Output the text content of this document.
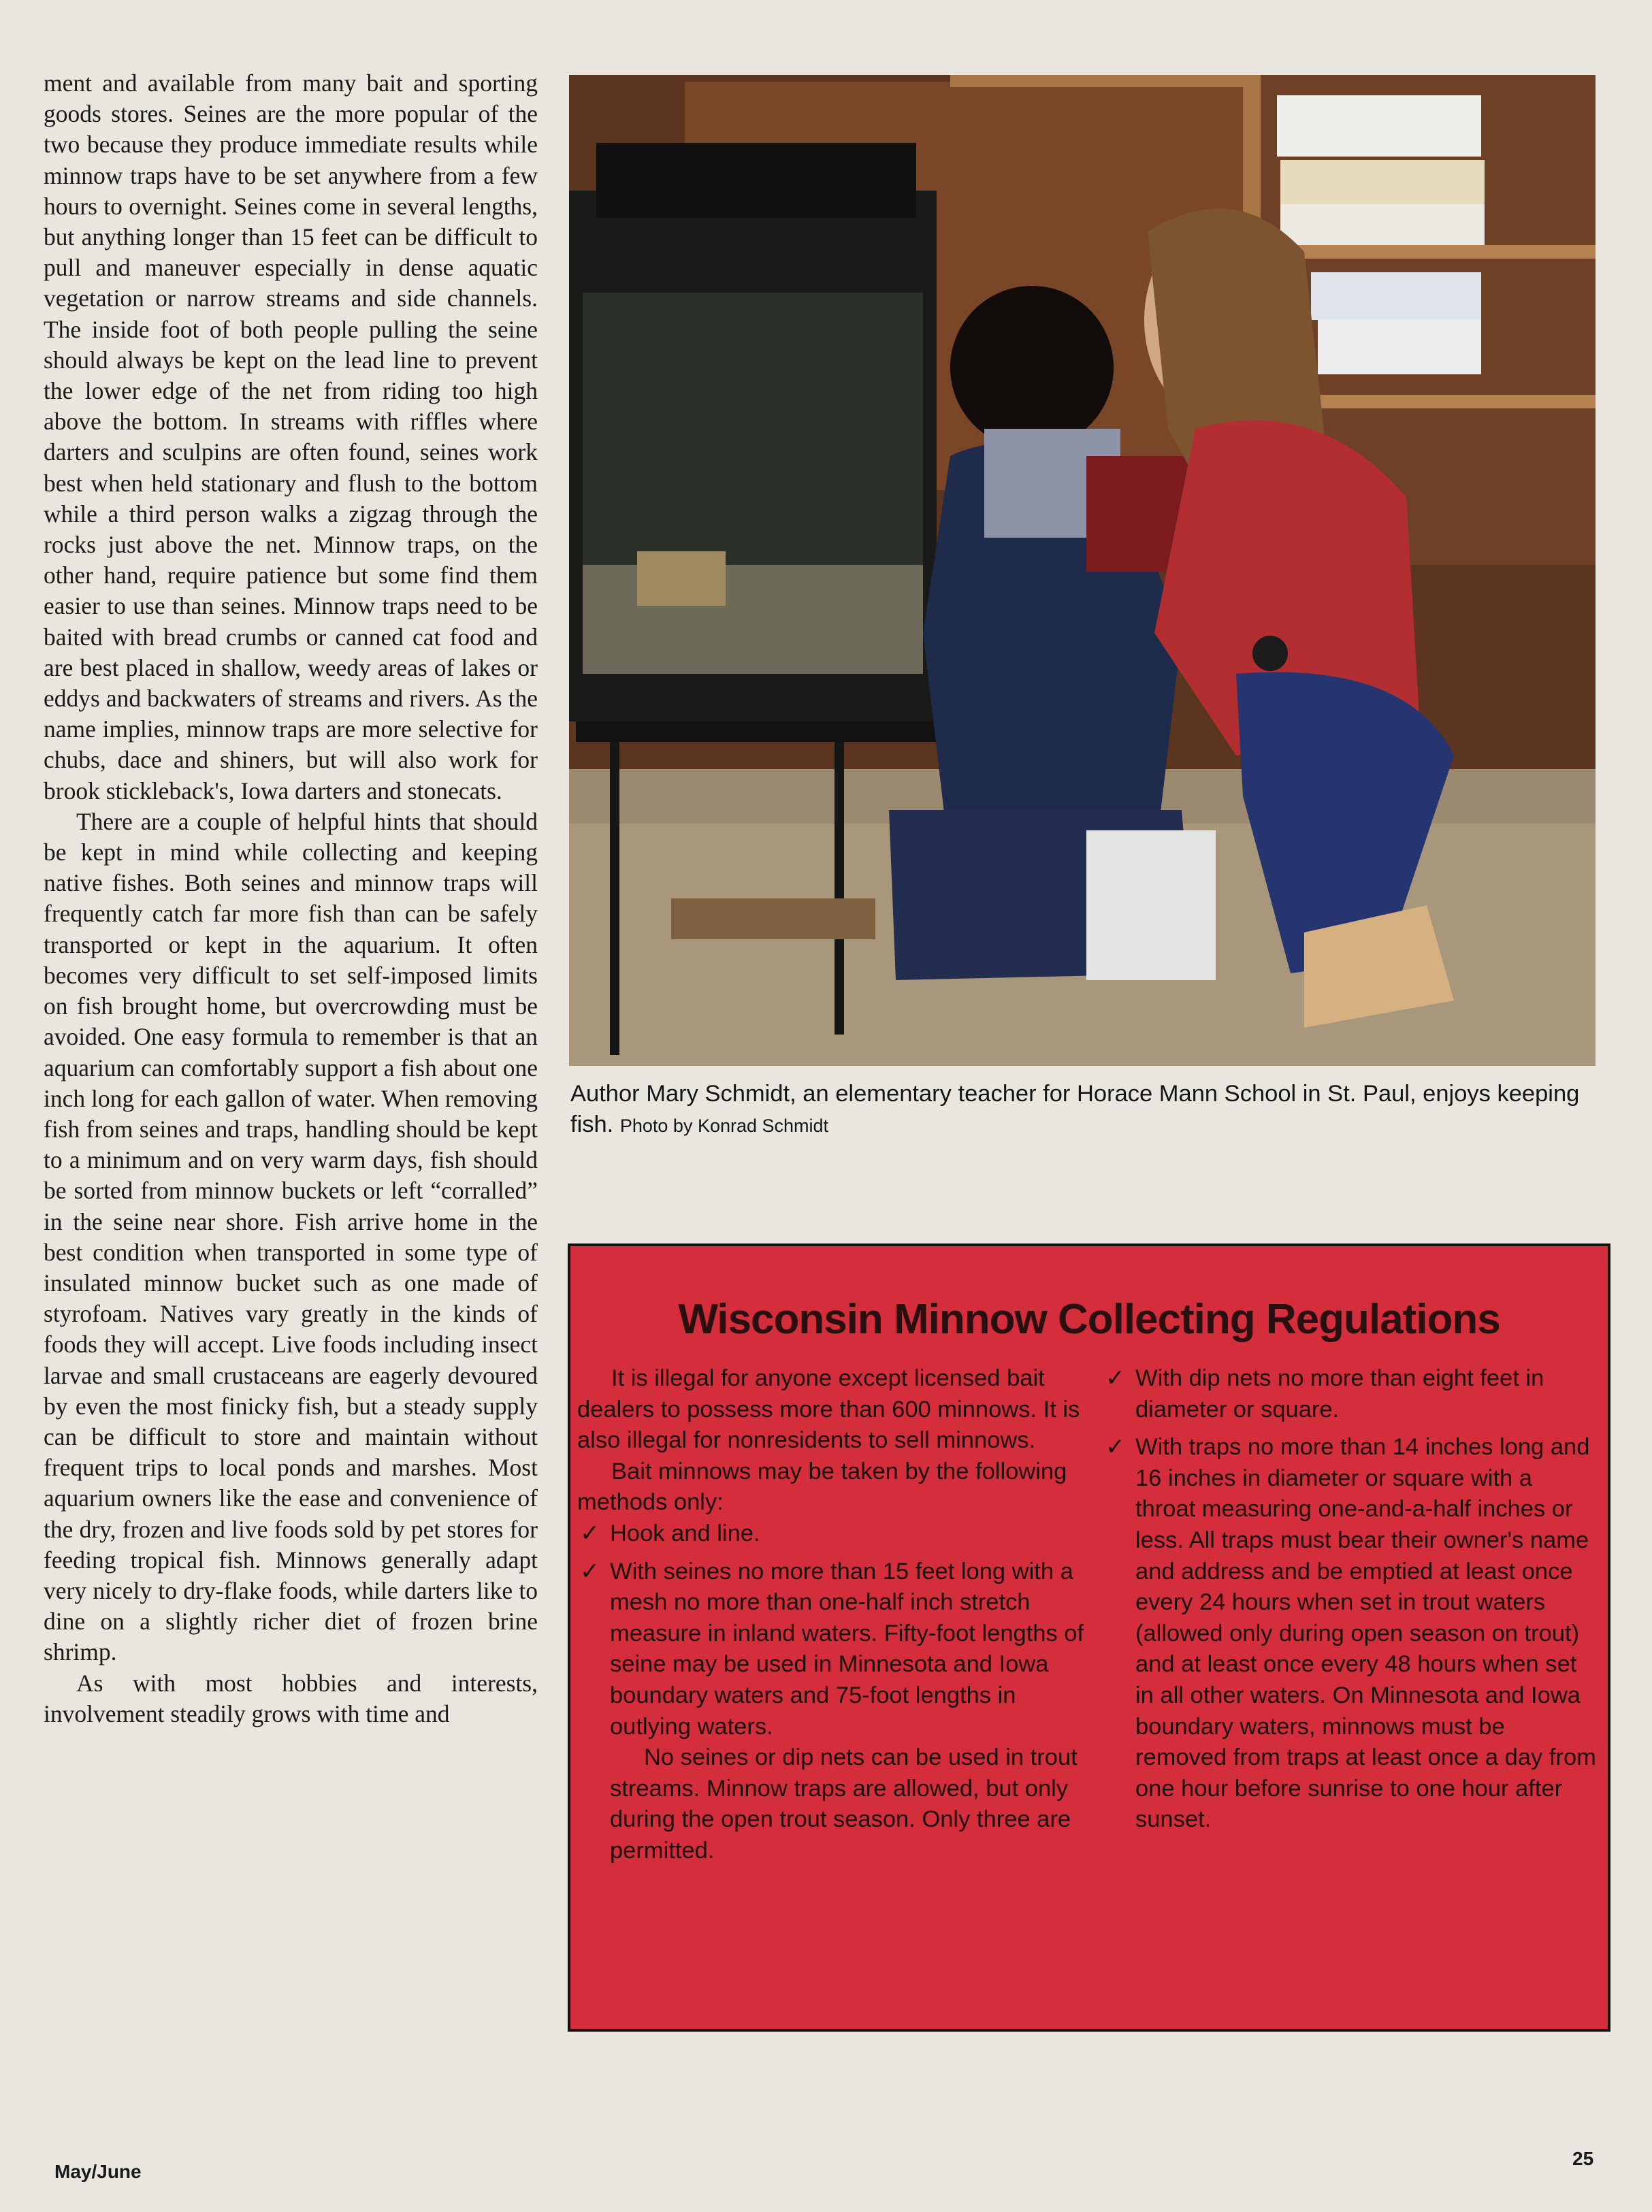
ment and available from many bait and sporting goods stores. Seines are the more popular of the two because they produce immediate results while minnow traps have to be set anywhere from a few hours to overnight. Seines come in several lengths, but anything longer than 15 feet can be difficult to pull and maneuver especially in dense aquatic vegetation or narrow streams and side channels. The inside foot of both people pulling the seine should always be kept on the lead line to prevent the lower edge of the net from riding too high above the bottom. In streams with riffles where darters and sculpins are often found, seines work best when held stationary and flush to the bottom while a third person walks a zigzag through the rocks just above the net. Minnow traps, on the other hand, require patience but some find them easier to use than seines. Minnow traps need to be baited with bread crumbs or canned cat food and are best placed in shallow, weedy areas of lakes or eddys and backwaters of streams and rivers. As the name implies, minnow traps are more selective for chubs, dace and shiners, but will also work for brook stickleback's, Iowa darters and stonecats.

There are a couple of helpful hints that should be kept in mind while collecting and keeping native fishes. Both seines and minnow traps will frequently catch far more fish than can be safely transported or kept in the aquarium. It often becomes very difficult to set self-imposed limits on fish brought home, but overcrowding must be avoided. One easy formula to remember is that an aquarium can comfortably support a fish about one inch long for each gallon of water. When removing fish from seines and traps, handling should be kept to a minimum and on very warm days, fish should be sorted from minnow buckets or left “corralled” in the seine near shore. Fish arrive home in the best condition when transported in some type of insulated minnow bucket such as one made of styrofoam. Natives vary greatly in the kinds of foods they will accept. Live foods including insect larvae and small crustaceans are eagerly devoured by even the most finicky fish, but a steady supply can be difficult to store and maintain without frequent trips to local ponds and marshes. Most aquarium owners like the ease and convenience of the dry, frozen and live foods sold by pet stores for feeding tropical fish. Minnows generally adapt very nicely to dry-flake foods, while darters like to dine on a slightly richer diet of frozen brine shrimp.

As with most hobbies and interests, involvement steadily grows with time and

Author Mary Schmidt, an elementary teacher for Horace Mann School in St. Paul, enjoys keeping fish. Photo by Konrad Schmidt
Wisconsin Minnow Collecting Regulations

It is illegal for anyone except licensed bait dealers to possess more than 600 minnows. It is also illegal for nonresidents to sell minnows.

Bait minnows may be taken by the following methods only:

✓ Hook and line.

✓ With seines no more than 15 feet long with a mesh no more than one-half inch stretch measure in inland waters. Fifty-foot lengths of seine may be used in Minnesota and Iowa boundary waters and 75-foot lengths in outlying waters.

No seines or dip nets can be used in trout streams. Minnow traps are allowed, but only during the open trout season. Only three are permitted.

✓ With dip nets no more than eight feet in diameter or square.

✓ With traps no more than 14 inches long and 16 inches in diameter or square with a throat measuring one-and-a-half inches or less. All traps must bear their owner's name and address and be emptied at least once every 24 hours when set in trout waters (allowed only during open season on trout) and at least once every 48 hours when set in all other waters. On Minnesota and Iowa boundary waters, minnows must be removed from traps at least once a day from one hour before sunrise to one hour after sunset.

May/June
25
